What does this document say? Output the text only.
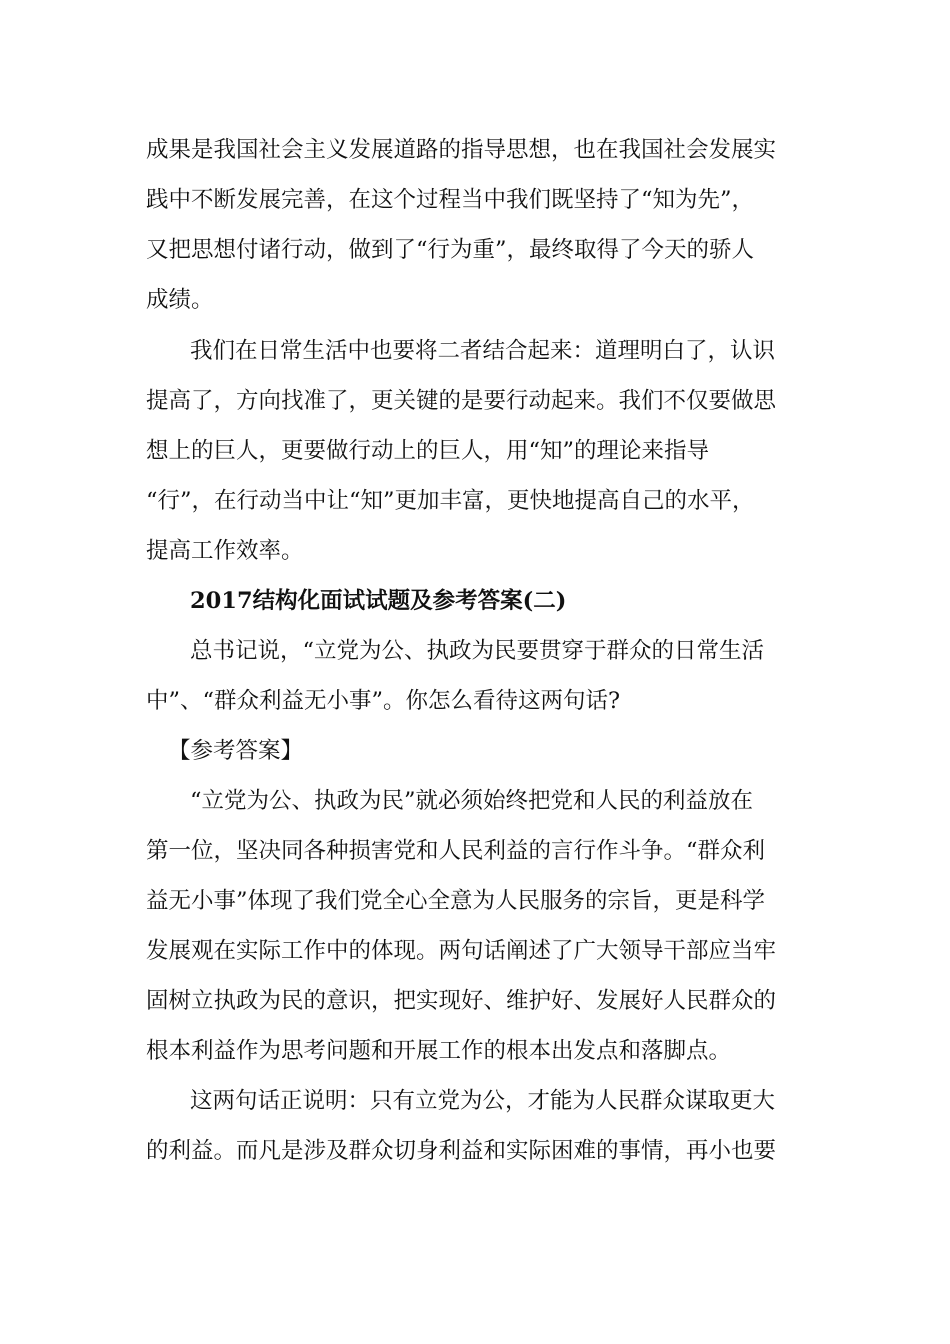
成果是我国社会主义发展道路的指导思想，也在我国社会发展实

践中不断发展完善，在这个过程当中我们既坚持了“知为先”，

又把思想付诸行动，做到了“行为重”，最终取得了今天的骄人

成绩。

我们在日常生活中也要将二者结合起来：道理明白了，认识

提高了，方向找准了，更关键的是要行动起来。我们不仅要做思

想上的巨人，更要做行动上的巨人，用“知”的理论来指导

“行”，在行动当中让“知”更加丰富，更快地提高自己的水平，

提高工作效率。

2017结构化面试试题及参考答案(二)

总书记说，“立党为公、执政为民要贯穿于群众的日常生活

中”、“群众利益无小事”。你怎么看待这两句话?

【参考答案】

“立党为公、执政为民”就必须始终把党和人民的利益放在

第一位，坚决同各种损害党和人民利益的言行作斗争。“群众利

益无小事”体现了我们党全心全意为人民服务的宗旨，更是科学

发展观在实际工作中的体现。两句话阐述了广大领导干部应当牢

固树立执政为民的意识，把实现好、维护好、发展好人民群众的

根本利益作为思考问题和开展工作的根本出发点和落脚点。

这两句话正说明：只有立党为公，才能为人民群众谋取更大

的利益。而凡是涉及群众切身利益和实际困难的事情，再小也要
